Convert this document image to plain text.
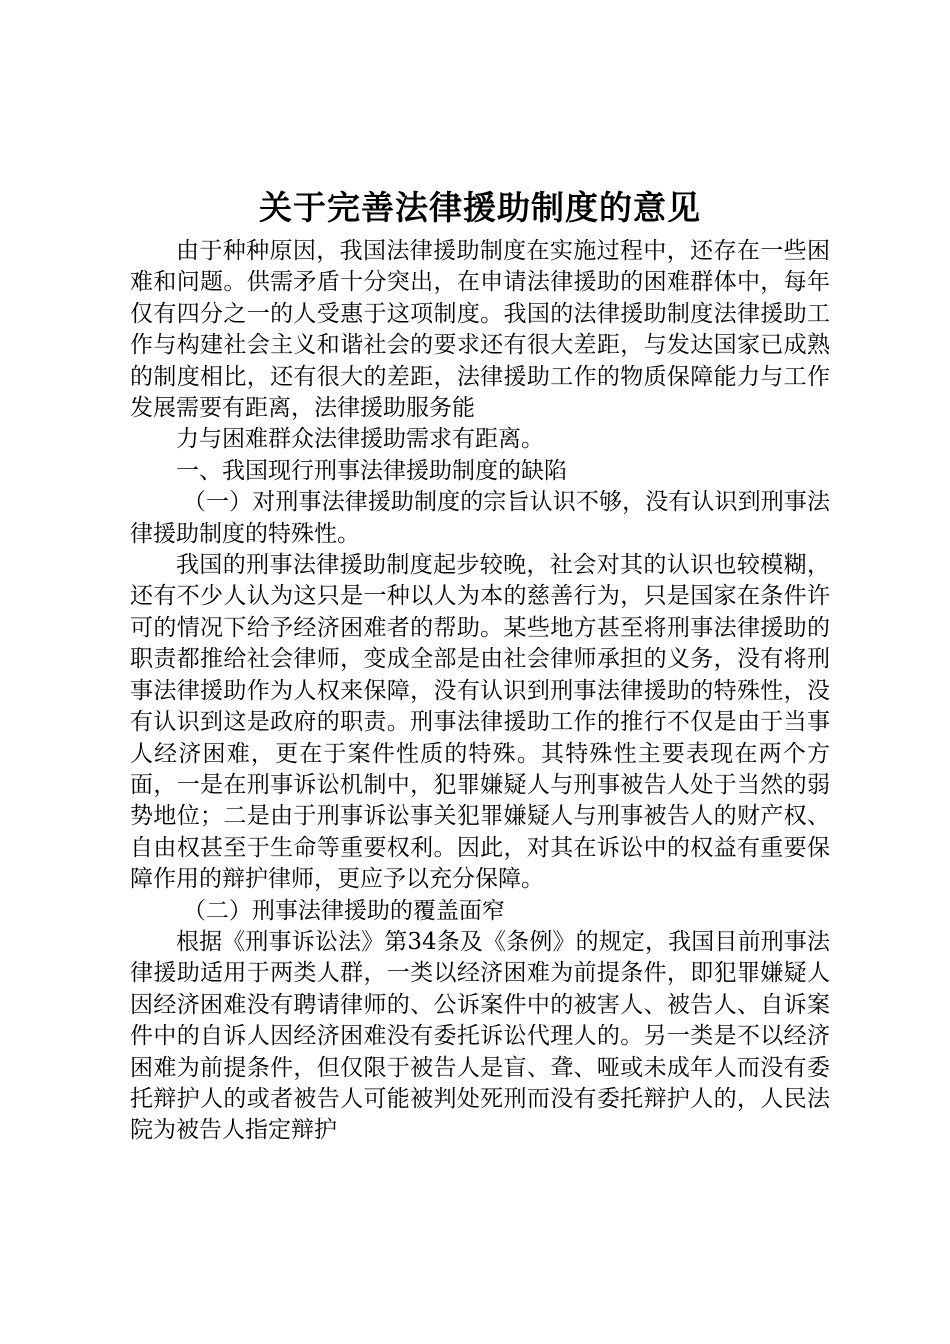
关于完善法律援助制度的意见

由于种种原因，我国法律援助制度在实施过程中，还存在一些困难和问题。供需矛盾十分突出，在申请法律援助的困难群体中，每年仅有四分之一的人受惠于这项制度。我国的法律援助制度法律援助工作与构建社会主义和谐社会的要求还有很大差距，与发达国家已成熟的制度相比，还有很大的差距，法律援助工作的物质保障能力与工作发展需要有距离，法律援助服务能

力与困难群众法律援助需求有距离。

一、我国现行刑事法律援助制度的缺陷

（一）对刑事法律援助制度的宗旨认识不够，没有认识到刑事法律援助制度的特殊性。

我国的刑事法律援助制度起步较晚，社会对其的认识也较模糊，还有不少人认为这只是一种以人为本的慈善行为，只是国家在条件许可的情况下给予经济困难者的帮助。某些地方甚至将刑事法律援助的职责都推给社会律师，变成全部是由社会律师承担的义务，没有将刑事法律援助作为人权来保障，没有认识到刑事法律援助的特殊性，没有认识到这是政府的职责。刑事法律援助工作的推行不仅是由于当事人经济困难，更在于案件性质的特殊。其特殊性主要表现在两个方面，一是在刑事诉讼机制中，犯罪嫌疑人与刑事被告人处于当然的弱势地位；二是由于刑事诉讼事关犯罪嫌疑人与刑事被告人的财产权、自由权甚至于生命等重要权利。因此，对其在诉讼中的权益有重要保障作用的辩护律师，更应予以充分保障。

（二）刑事法律援助的覆盖面窄

根据《刑事诉讼法》第34条及《条例》的规定，我国目前刑事法律援助适用于两类人群，一类以经济困难为前提条件，即犯罪嫌疑人因经济困难没有聘请律师的、公诉案件中的被害人、被告人、自诉案件中的自诉人因经济困难没有委托诉讼代理人的。另一类是不以经济困难为前提条件，但仅限于被告人是盲、聋、哑或未成年人而没有委托辩护人的或者被告人可能被判处死刑而没有委托辩护人的，人民法院为被告人指定辩护
